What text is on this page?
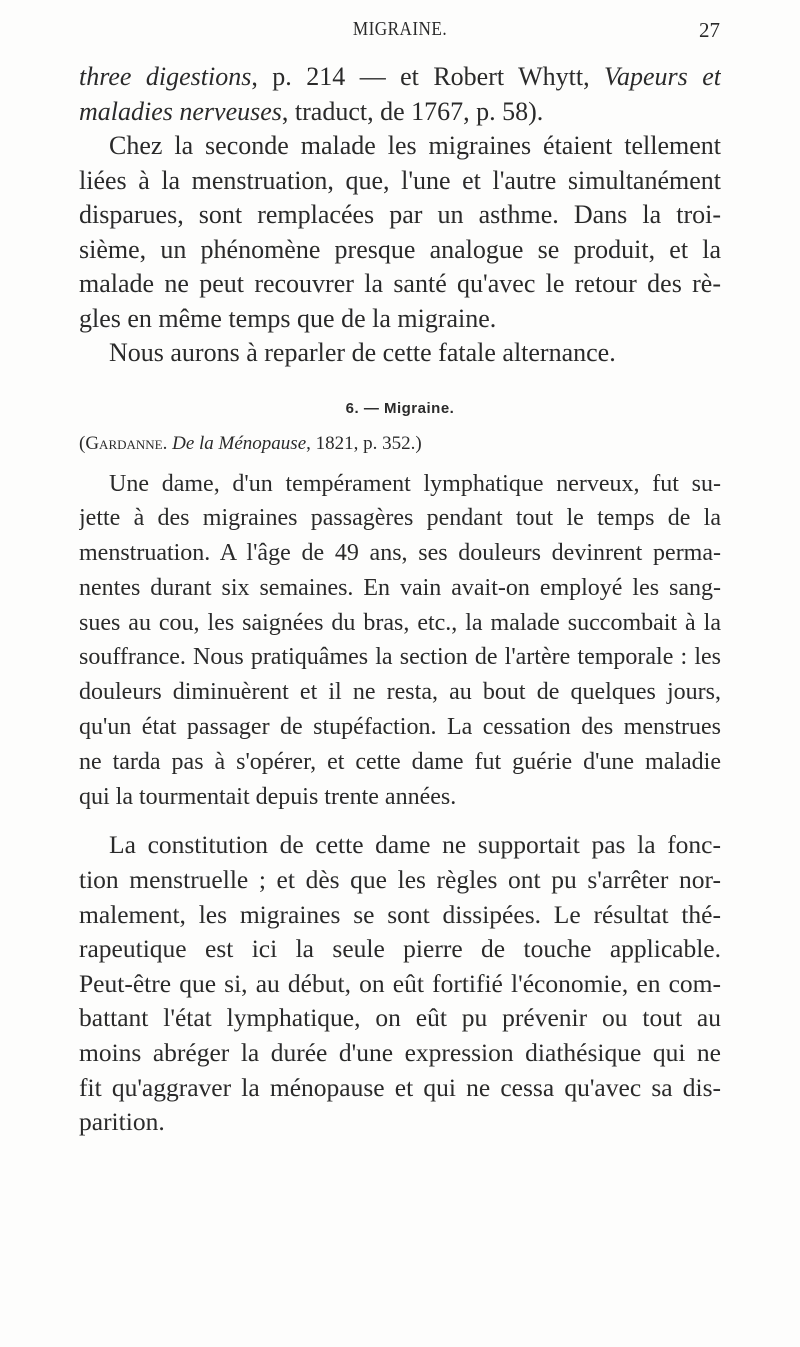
MIGRAINE.	27
three digestions, p. 214 — et Robert Whytt, Vapeurs et
maladies nerveuses, traduct, de 1767, p. 58).
Chez la seconde malade les migraines étaient tellement
liées à la menstruation, que, l'une et l'autre simultanément
disparues, sont remplacées par un asthme. Dans la troi-
sième, un phénomène presque analogue se produit, et la
malade ne peut recouvrer la santé qu'avec le retour des rè-
gles en même temps que de la migraine.
Nous aurons à reparler de cette fatale alternance.
6. — Migraine.
(Gardanne. De la Ménopause, 1821, p. 352.)
Une dame, d'un tempérament lymphatique nerveux, fut su-
jette à des migraines passagères pendant tout le temps de la
menstruation. A l'âge de 49 ans, ses douleurs devinrent perma-
nentes durant six semaines. En vain avait-on employé les sang-
sues au cou, les saignées du bras, etc., la malade succombait à la
souffrance. Nous pratiquâmes la section de l'artère temporale : les
douleurs diminuèrent et il ne resta, au bout de quelques jours,
qu'un état passager de stupéfaction. La cessation des menstrues
ne tarda pas à s'opérer, et cette dame fut guérie d'une maladie
qui la tourmentait depuis trente années.
La constitution de cette dame ne supportait pas la fonc-
tion menstruelle ; et dès que les règles ont pu s'arrêter nor-
malement, les migraines se sont dissipées. Le résultat thé-
rapeutique est ici la seule pierre de touche applicable.
Peut-être que si, au début, on eût fortifié l'économie, en com-
battant l'état lymphatique, on eût pu prévenir ou tout au
moins abréger la durée d'une expression diathésique qui ne
fit qu'aggraver la ménopause et qui ne cessa qu'avec sa dis-
parition.
